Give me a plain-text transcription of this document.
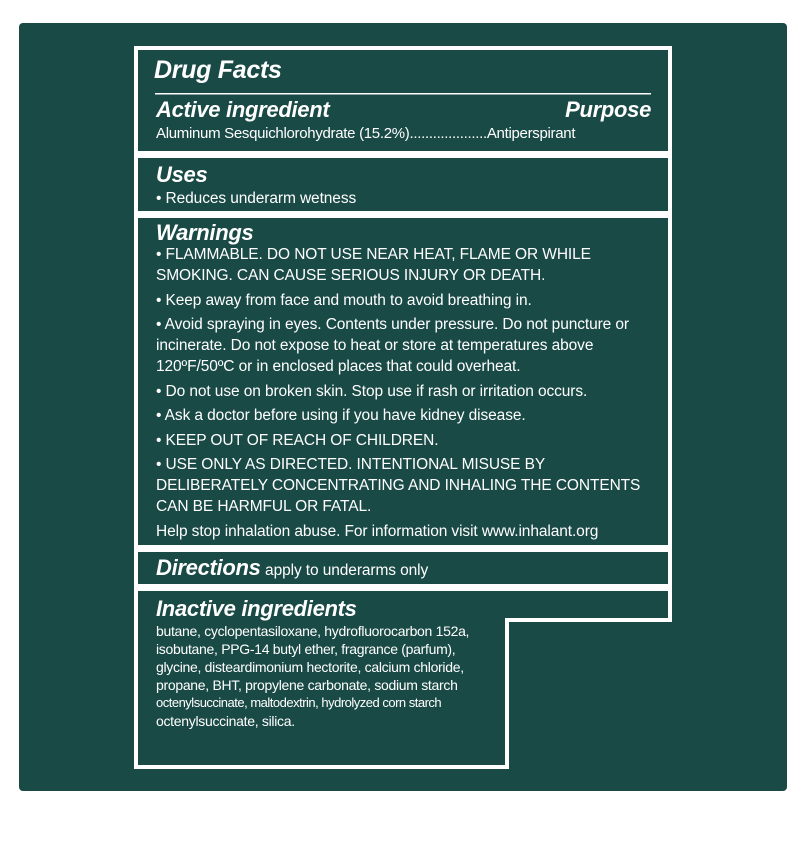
Drug Facts
Active ingredient	Purpose
Aluminum Sesquichlorohydrate (15.2%)....................Antiperspirant
Uses
• Reduces underarm wetness
Warnings
• FLAMMABLE. DO NOT USE NEAR HEAT, FLAME OR WHILE SMOKING. CAN CAUSE SERIOUS INJURY OR DEATH.
• Keep away from face and mouth to avoid breathing in.
• Avoid spraying in eyes. Contents under pressure. Do not puncture or incinerate. Do not expose to heat or store at temperatures above 120ºF/50ºC or in enclosed places that could overheat.
• Do not use on broken skin. Stop use if rash or irritation occurs.
• Ask a doctor before using if you have kidney disease.
• KEEP OUT OF REACH OF CHILDREN.
• USE ONLY AS DIRECTED. INTENTIONAL MISUSE BY DELIBERATELY CONCENTRATING AND INHALING THE CONTENTS CAN BE HARMFUL OR FATAL.
Help stop inhalation abuse. For information visit www.inhalant.org
Directions apply to underarms only
Inactive ingredients
butane, cyclopentasiloxane, hydrofluorocarbon 152a,
isobutane, PPG-14 butyl ether, fragrance (parfum),
glycine, disteardimonium hectorite, calcium chloride,
propane, BHT, propylene carbonate, sodium starch
octenylsuccinate, maltodextrin, hydrolyzed corn starch
octenylsuccinate, silica.
